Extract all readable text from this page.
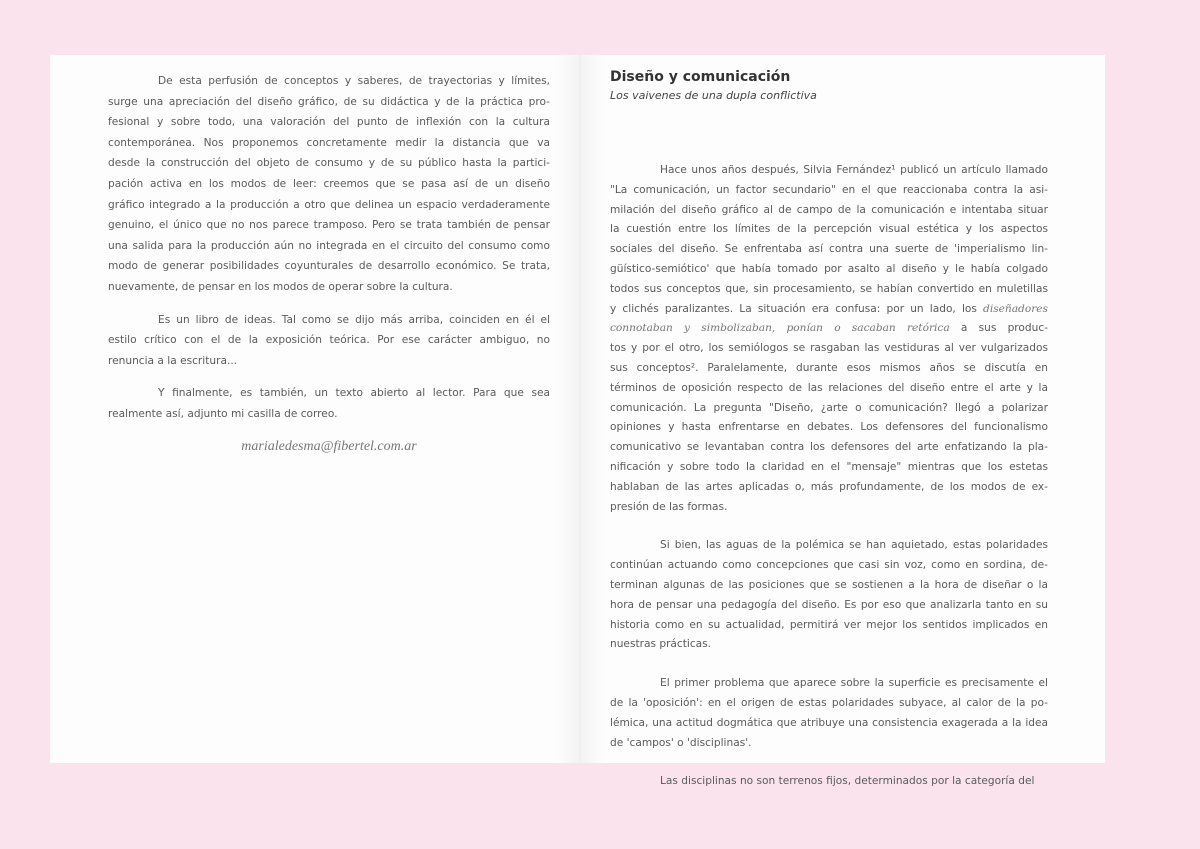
De esta perfusión de conceptos y saberes, de trayectorias y límites,
surge una apreciación del diseño gráfico, de su didáctica y de la práctica pro-
fesional y sobre todo, una valoración del punto de inflexión con la cultura
contemporánea. Nos proponemos concretamente medir la distancia que va
desde la construcción del objeto de consumo y de su público hasta la partici-
pación activa en los modos de leer: creemos que se pasa así de un diseño
gráfico integrado a la producción a otro que delinea un espacio verdaderamente
genuino, el único que no nos parece tramposo. Pero se trata también de pensar
una salida para la producción aún no integrada en el circuito del consumo como
modo de generar posibilidades coyunturales de desarrollo económico. Se trata,
nuevamente, de pensar en los modos de operar sobre la cultura.
Es un libro de ideas. Tal como se dijo más arriba, coinciden en él el
estilo crítico con el de la exposición teórica. Por ese carácter ambiguo, no
renuncia a la escritura...
Y finalmente, es también, un texto abierto al lector. Para que sea
realmente así, adjunto mi casilla de correo.
marialedesma@fibertel.com.ar
Diseño y comunicación
Los vaivenes de una dupla conflictiva
Hace unos años después, Silvia Fernández¹ publicó un artículo llamado
"La comunicación, un factor secundario" en el que reaccionaba contra la asi-
milación del diseño gráfico al de campo de la comunicación e intentaba situar
la cuestión entre los límites de la percepción visual estética y los aspectos
sociales del diseño. Se enfrentaba así contra una suerte de 'imperialismo lin-
güístico-semiótico' que había tomado por asalto al diseño y le había colgado
todos sus conceptos que, sin procesamiento, se habían convertido en muletillas
y clichés paralizantes. La situación era confusa: por un lado, los diseñadores
connotaban y simbolizaban, ponían o sacaban retórica a sus produc-
tos y por el otro, los semiólogos se rasgaban las vestiduras al ver vulgarizados
sus conceptos². Paralelamente, durante esos mismos años se discutía en
términos de oposición respecto de las relaciones del diseño entre el arte y la
comunicación. La pregunta "Diseño, ¿arte o comunicación? llegó a polarizar
opiniones y hasta enfrentarse en debates. Los defensores del funcionalismo
comunicativo se levantaban contra los defensores del arte enfatizando la pla-
nificación y sobre todo la claridad en el "mensaje" mientras que los estetas
hablaban de las artes aplicadas o, más profundamente, de los modos de ex-
presión de las formas.
Si bien, las aguas de la polémica se han aquietado, estas polaridades
continúan actuando como concepciones que casi sin voz, como en sordina, de-
terminan algunas de las posiciones que se sostienen a la hora de diseñar o la
hora de pensar una pedagogía del diseño. Es por eso que analizarla tanto en su
historia como en su actualidad, permitirá ver mejor los sentidos implicados en
nuestras prácticas.
El primer problema que aparece sobre la superficie es precisamente el
de la 'oposición': en el origen de estas polaridades subyace, al calor de la po-
lémica, una actitud dogmática que atribuye una consistencia exagerada a la idea
de 'campos' o 'disciplinas'.
Las disciplinas no son terrenos fijos, determinados por la categoría del
